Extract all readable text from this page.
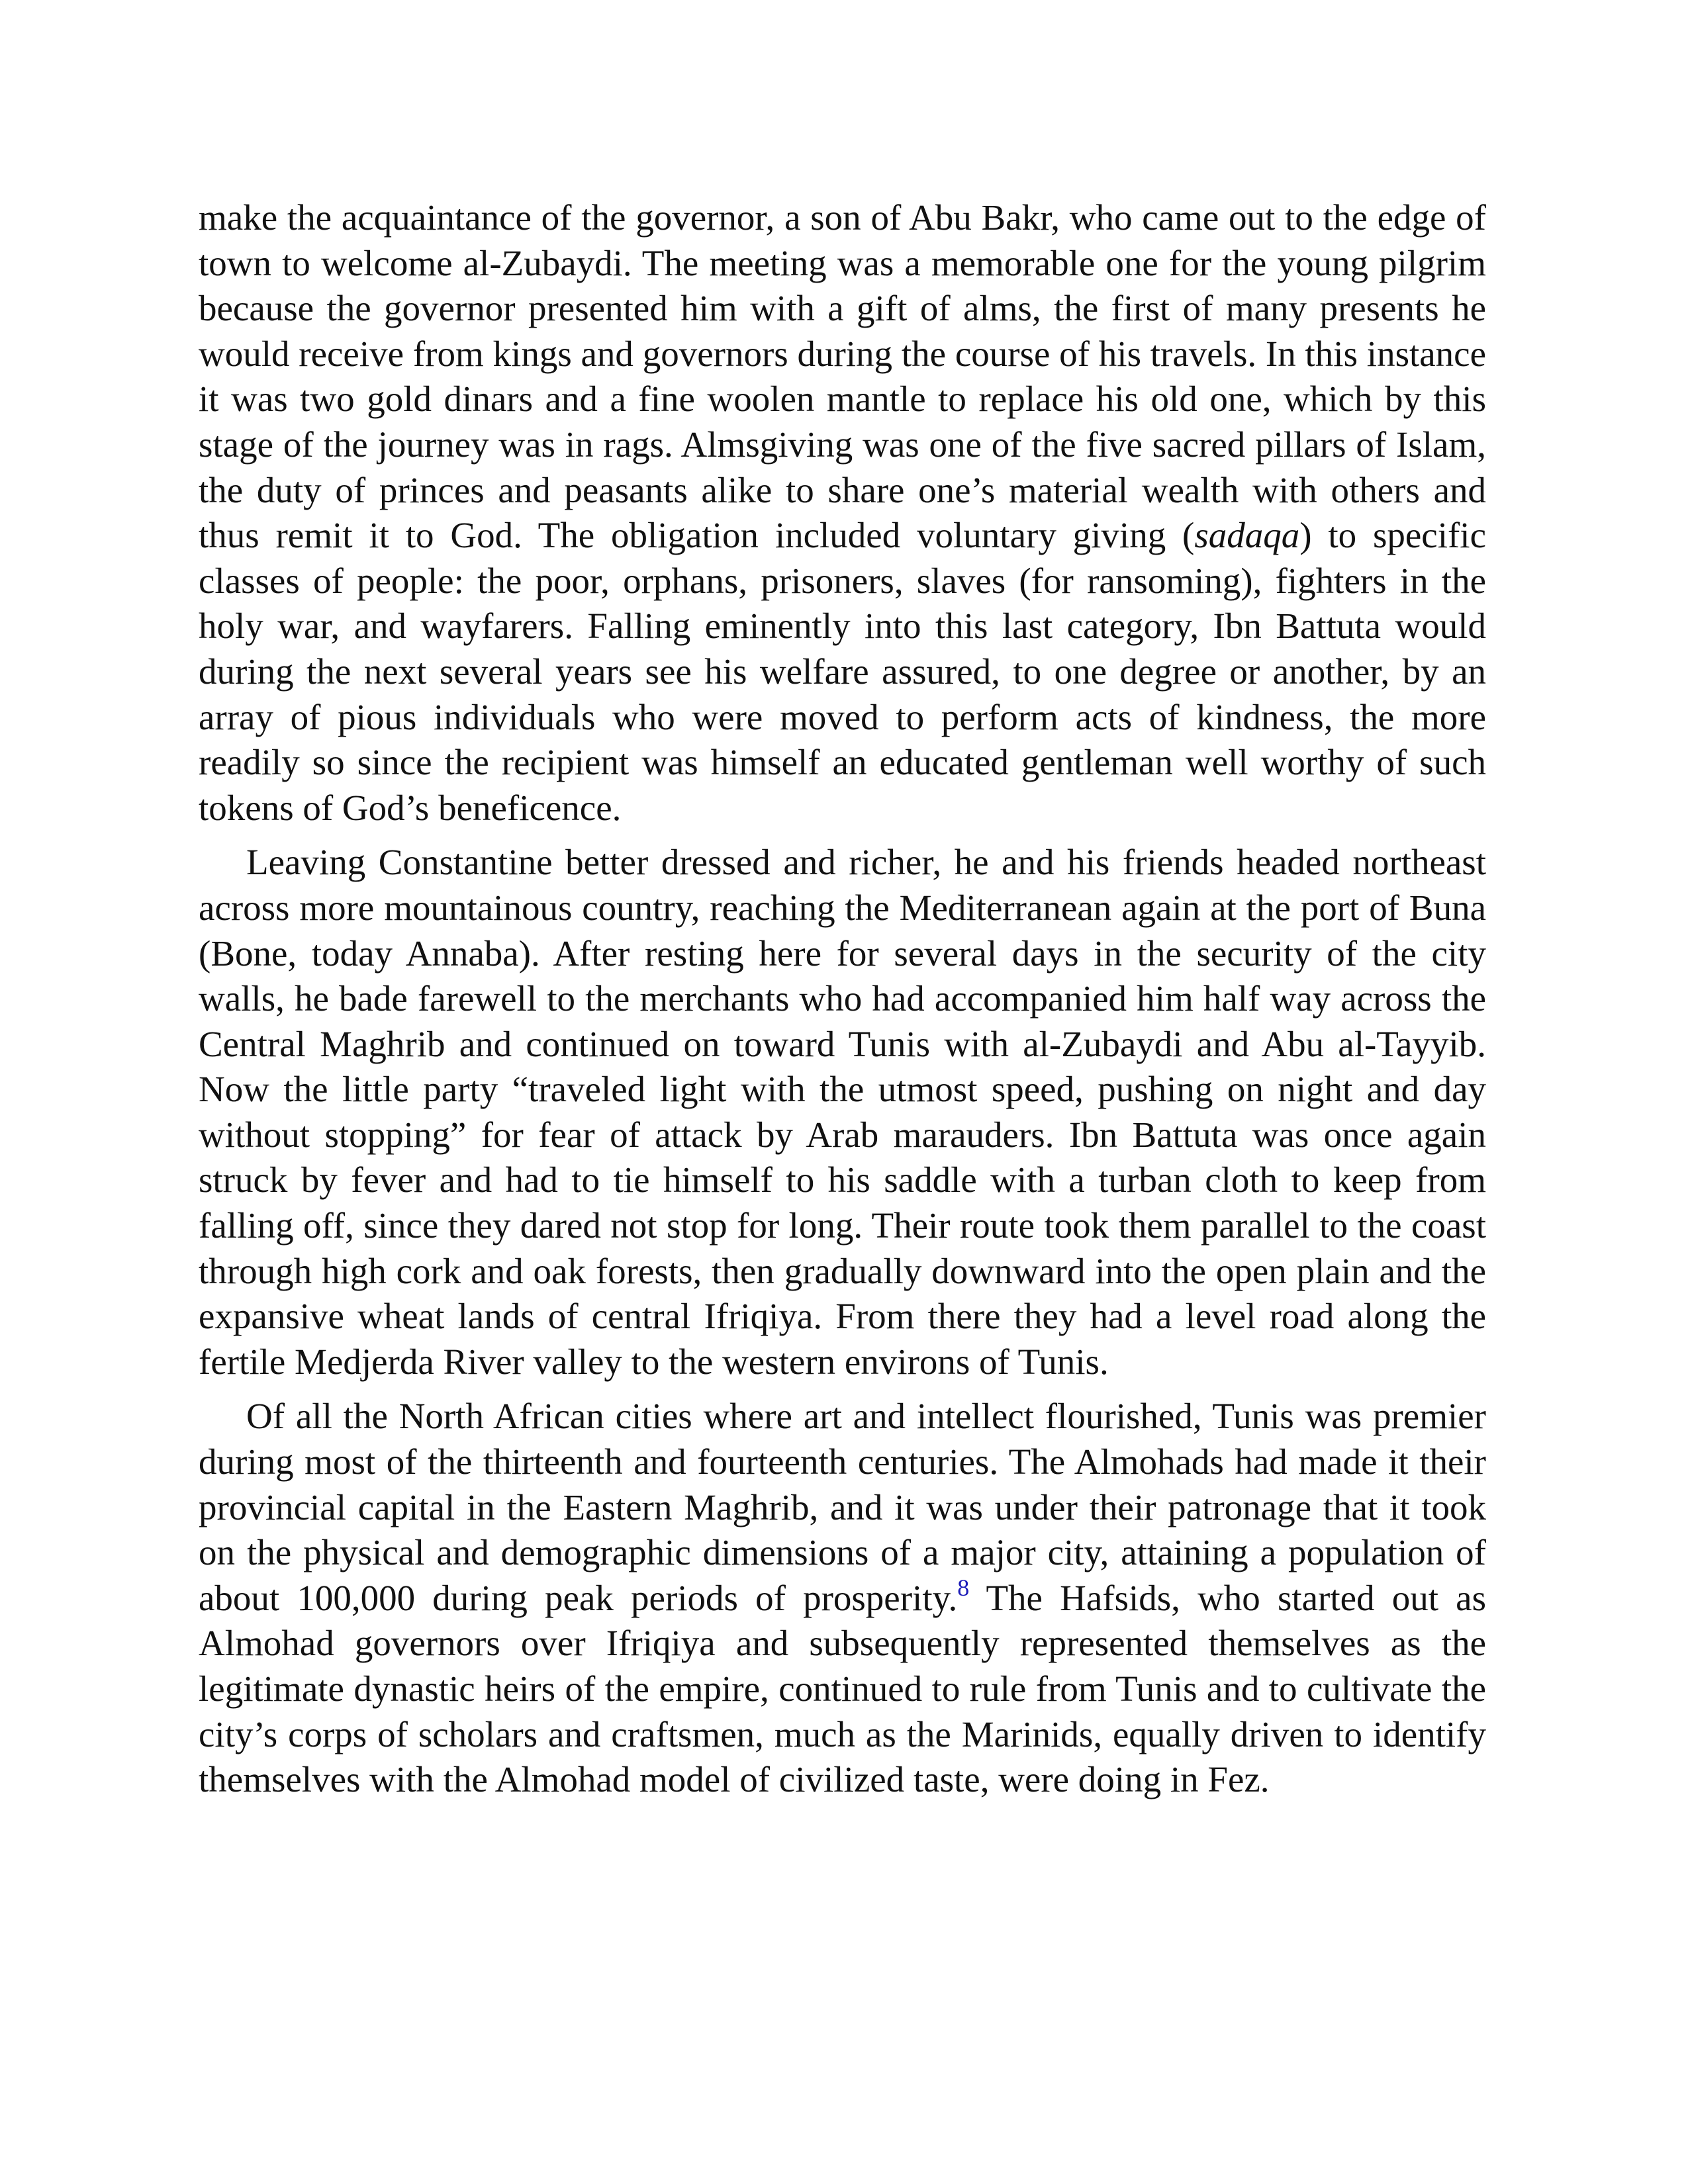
make the acquaintance of the governor, a son of Abu Bakr, who came out to the edge of town to welcome al-Zubaydi. The meeting was a memorable one for the young pilgrim because the governor presented him with a gift of alms, the first of many presents he would receive from kings and governors during the course of his travels. In this instance it was two gold dinars and a fine woolen mantle to replace his old one, which by this stage of the journey was in rags. Almsgiving was one of the five sacred pillars of Islam, the duty of princes and peasants alike to share one’s material wealth with others and thus remit it to God. The obligation included voluntary giving (sadaqa) to specific classes of people: the poor, orphans, prisoners, slaves (for ransoming), fighters in the holy war, and wayfarers. Falling eminently into this last category, Ibn Battuta would during the next several years see his welfare assured, to one degree or another, by an array of pious individuals who were moved to perform acts of kindness, the more readily so since the recipient was himself an educated gentleman well worthy of such tokens of God’s beneficence.

Leaving Constantine better dressed and richer, he and his friends headed northeast across more mountainous country, reaching the Mediterranean again at the port of Buna (Bone, today Annaba). After resting here for several days in the security of the city walls, he bade farewell to the merchants who had accompanied him half way across the Central Maghrib and continued on toward Tunis with al-Zubaydi and Abu al-Tayyib. Now the little party “traveled light with the utmost speed, pushing on night and day without stopping” for fear of attack by Arab marauders. Ibn Battuta was once again struck by fever and had to tie himself to his saddle with a turban cloth to keep from falling off, since they dared not stop for long. Their route took them parallel to the coast through high cork and oak forests, then gradually downward into the open plain and the expansive wheat lands of central Ifriqiya. From there they had a level road along the fertile Medjerda River valley to the western environs of Tunis.

Of all the North African cities where art and intellect flourished, Tunis was premier during most of the thirteenth and fourteenth centuries. The Almohads had made it their provincial capital in the Eastern Maghrib, and it was under their patronage that it took on the physical and demographic dimensions of a major city, attaining a population of about 100,000 during peak periods of prosperity.$^8$ The Hafsids, who started out as Almohad governors over Ifriqiya and subsequently represented themselves as the legitimate dynastic heirs of the empire, continued to rule from Tunis and to cultivate the city’s corps of scholars and craftsmen, much as the Marinids, equally driven to identify themselves with the Almohad model of civilized taste, were doing in Fez.
